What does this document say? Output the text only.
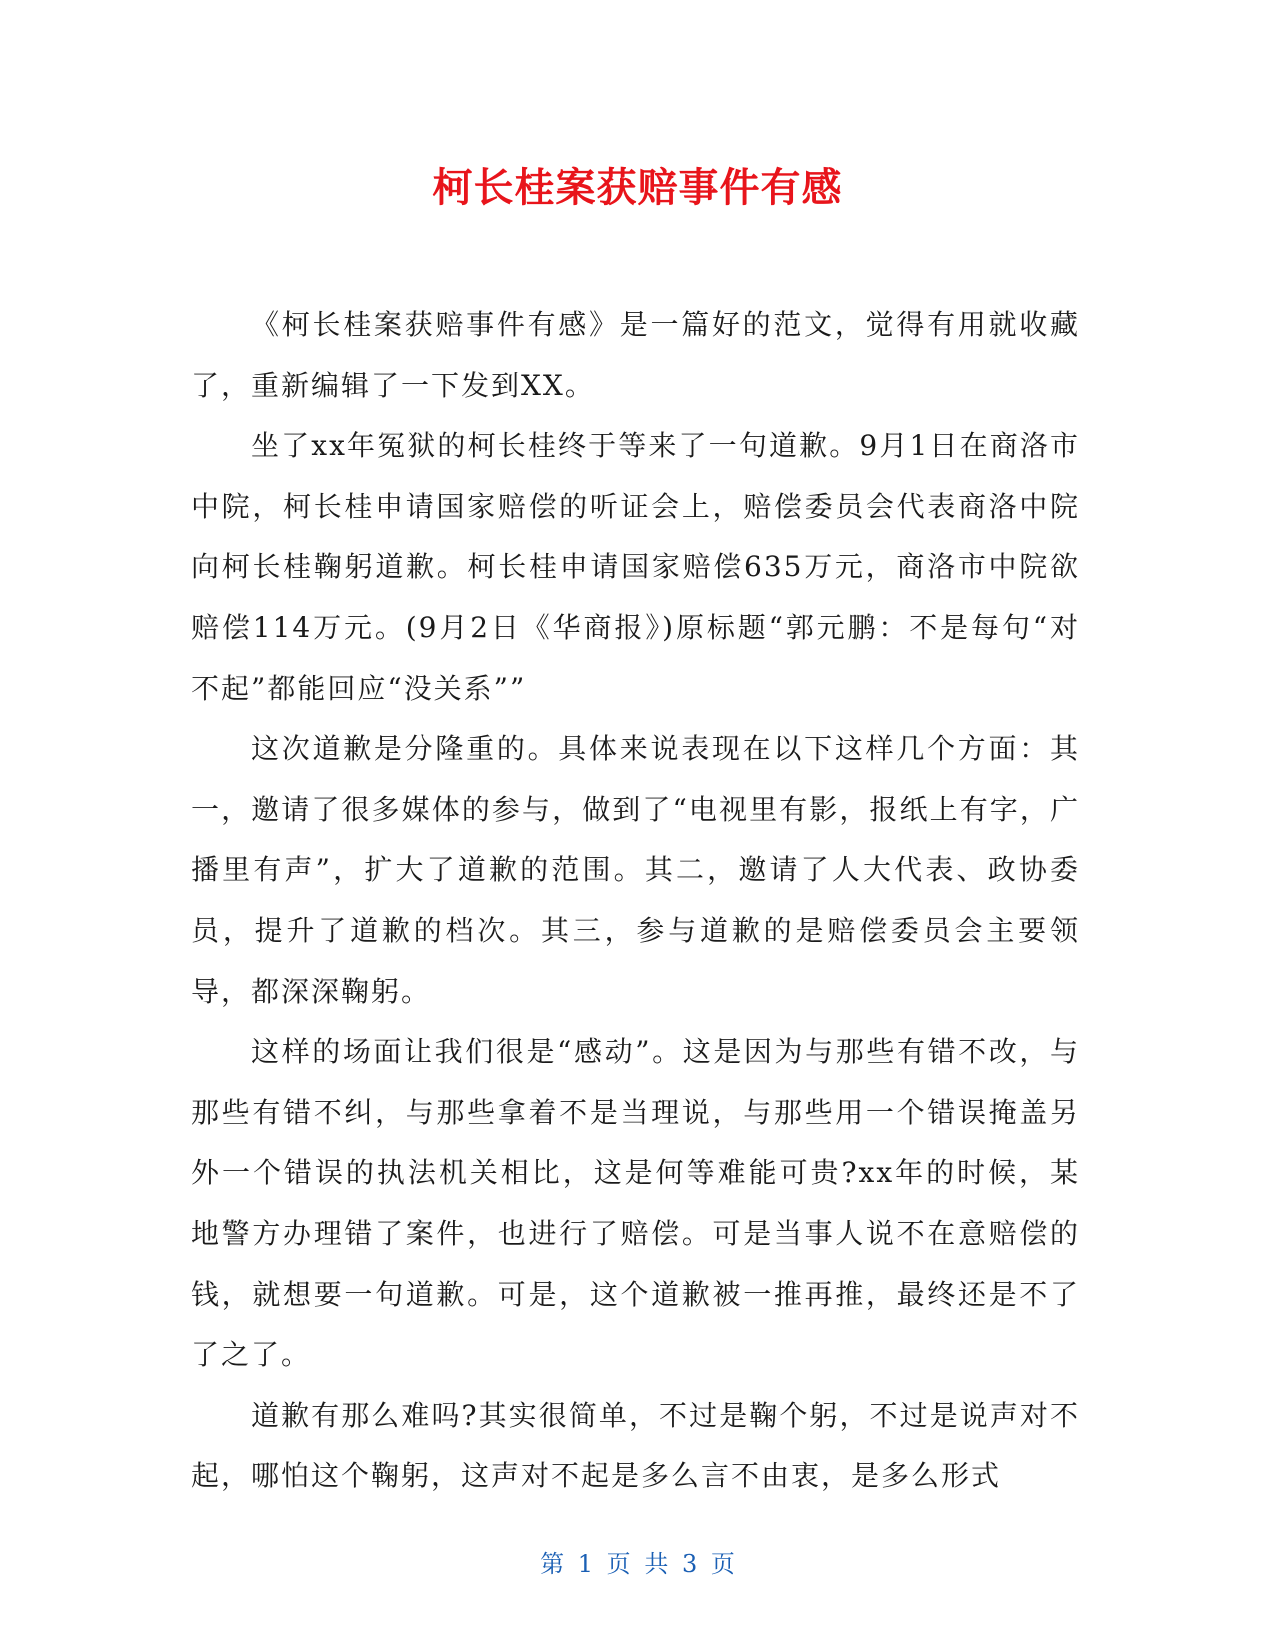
柯长桂案获赔事件有感

《柯长桂案获赔事件有感》是一篇好的范文，觉得有用就收藏了，重新编辑了一下发到XX。

坐了xx年冤狱的柯长桂终于等来了一句道歉。9月1日在商洛市中院，柯长桂申请国家赔偿的听证会上，赔偿委员会代表商洛中院向柯长桂鞠躬道歉。柯长桂申请国家赔偿635万元，商洛市中院欲赔偿114万元。(9月2日《华商报》)原标题“郭元鹏：不是每句“对不起”都能回应“没关系””

这次道歉是分隆重的。具体来说表现在以下这样几个方面：其一，邀请了很多媒体的参与，做到了“电视里有影，报纸上有字，广播里有声”，扩大了道歉的范围。其二，邀请了人大代表、政协委员，提升了道歉的档次。其三，参与道歉的是赔偿委员会主要领导，都深深鞠躬。

这样的场面让我们很是“感动”。这是因为与那些有错不改，与那些有错不纠，与那些拿着不是当理说，与那些用一个错误掩盖另外一个错误的执法机关相比，这是何等难能可贵?xx年的时候，某地警方办理错了案件，也进行了赔偿。可是当事人说不在意赔偿的钱，就想要一句道歉。可是，这个道歉被一推再推，最终还是不了了之了。

道歉有那么难吗?其实很简单，不过是鞠个躬，不过是说声对不起，哪怕这个鞠躬，这声对不起是多么言不由衷，是多么形式

第 1 页 共 3 页
